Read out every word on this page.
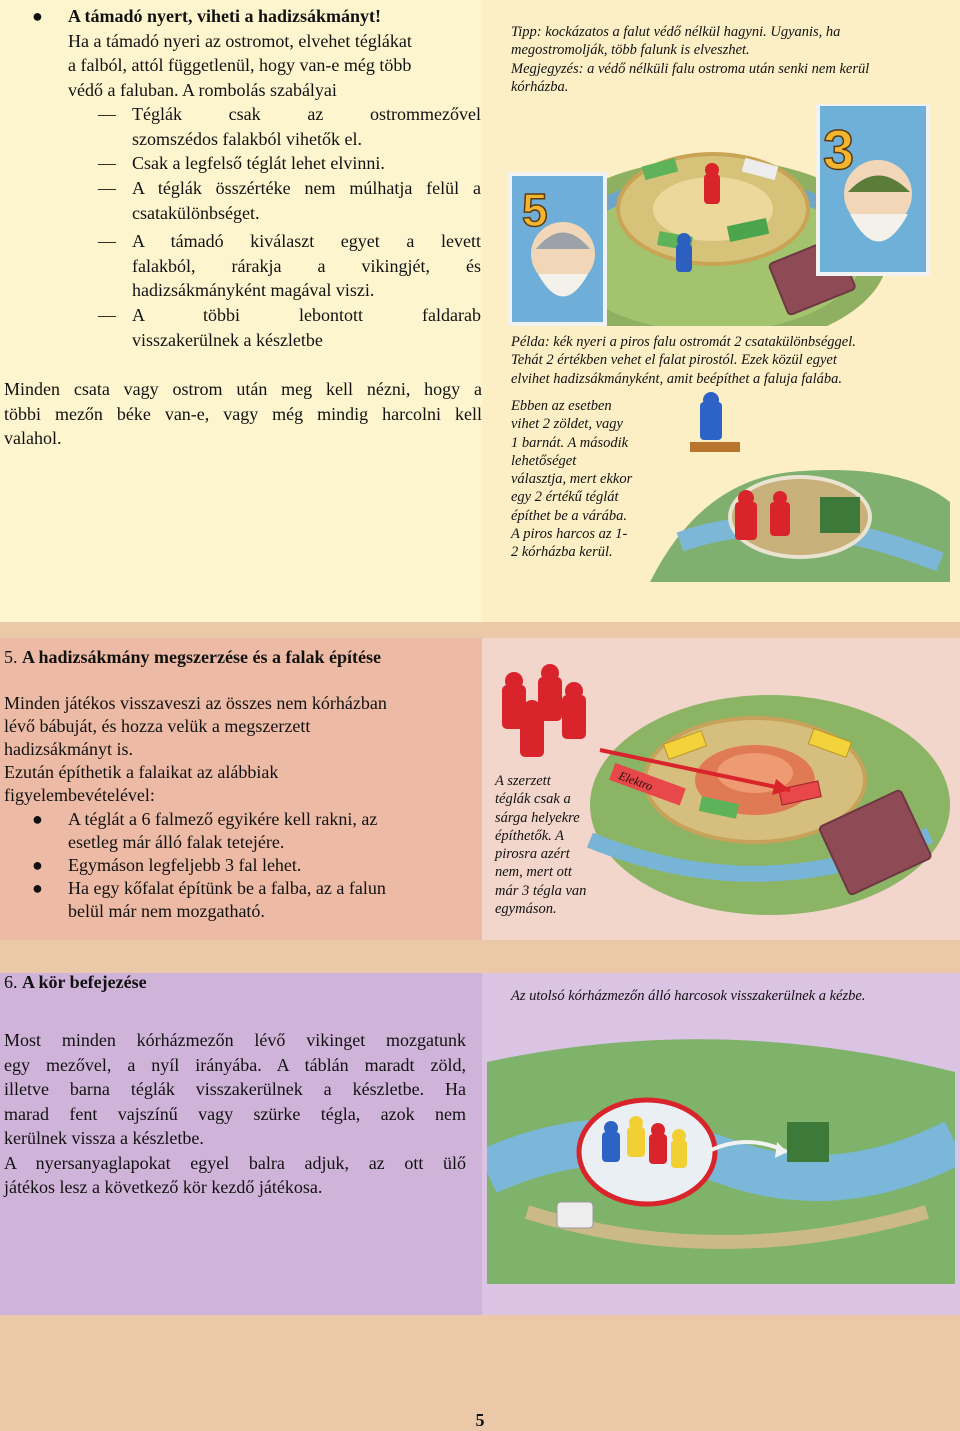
● A támadó nyert, viheti a hadizsákmányt!
Ha a támadó nyeri az ostromot, elvehet téglákat
a falból, attól függetlenül, hogy van-e még több
védő a faluban. A rombolás szabályai
— Téglák csak az ostrommezővel
szomszédos falakból vihetők el.
— Csak a legfelső téglát lehet elvinni.
— A téglák összértéke nem múlhatja felül a
csatakülönbséget.
— A támadó kiválaszt egyet a levett
falakból, rárakja a vikingjét, és
hadizsákmányként magával viszi.
— A többi lebontott faldarab
visszakerülnek a készletbe
Minden csata vagy ostrom után meg kell nézni, hogy a
többi mezőn béke van-e, vagy még mindig harcolni kell
valahol.
Tipp: kockázatos a falut védő nélkül hagyni. Ugyanis, ha
megostromolják, több falunk is elveszhet.
Megjegyzés: a védő nélküli falu ostroma után senki nem kerül
kórházba.
5
3
Példa: kék nyeri a piros falu ostromát 2 csatakülönbséggel.
Tehát 2 értékben vehet el falat pirostól. Ezek közül egyet
elvihet hadizsákmányként, amit beépíthet a faluja falába.
Ebben az esetben
vihet 2 zöldet, vagy
1 barnát. A második
lehetőséget
választja, mert ekkor
egy 2 értékű téglát
építhet be a várába.
A piros harcos az 1-
2 kórházba kerül.
5. A hadizsákmány megszerzése és a falak építése
Minden játékos visszaveszi az összes nem kórházban
lévő bábuját, és hozza velük a megszerzett
hadizsákmányt is.
Ezután építhetik a falaikat az alábbiak
figyelembevételével:
● A téglát a 6 falmező egyikére kell rakni, az
esetleg már álló falak tetejére.
● Egymáson legfeljebb 3 fal lehet.
● Ha egy kőfalat építünk be a falba, az a falun
belül már nem mozgatható.
Elektro
A szerzett
téglák csak a
sárga helyekre
építhetők. A
pirosra azért
nem, mert ott
már 3 tégla van
egymáson.
6. A kör befejezése
Most minden kórházmezőn lévő vikinget mozgatunk
egy mezővel, a nyíl irányába. A táblán maradt zöld,
illetve barna téglák visszakerülnek a készletbe. Ha
marad fent vajszínű vagy szürke tégla, azok nem
kerülnek vissza a készletbe.
A nyersanyaglapokat egyel balra adjuk, az ott ülő
játékos lesz a következő kör kezdő játékosa.
Az utolsó kórházmezőn álló harcosok visszakerülnek a kézbe.
5
